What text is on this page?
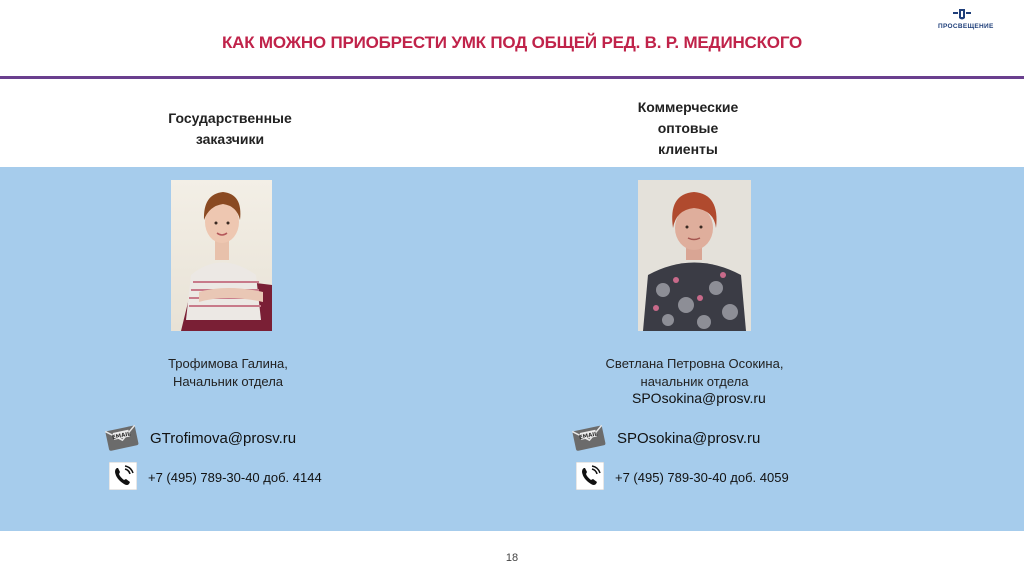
ПРОСВЕЩЕНИЕ
КАК МОЖНО ПРИОБРЕСТИ УМК ПОД ОБЩЕЙ РЕД. В. Р. МЕДИНСКОГО
Государственные
заказчики
Коммерческие
оптовые
клиенты
Трофимова Галина,
Начальник отдела
Светлана Петровна Осокина,
начальник отдела
SPOsokina@prosv.ru
EMAIL GTrofimova@prosv.ru	EMAIL SPOsokina@prosv.ru
+7 (495) 789-30-40 доб. 4144	+7 (495) 789-30-40 доб. 4059
18
